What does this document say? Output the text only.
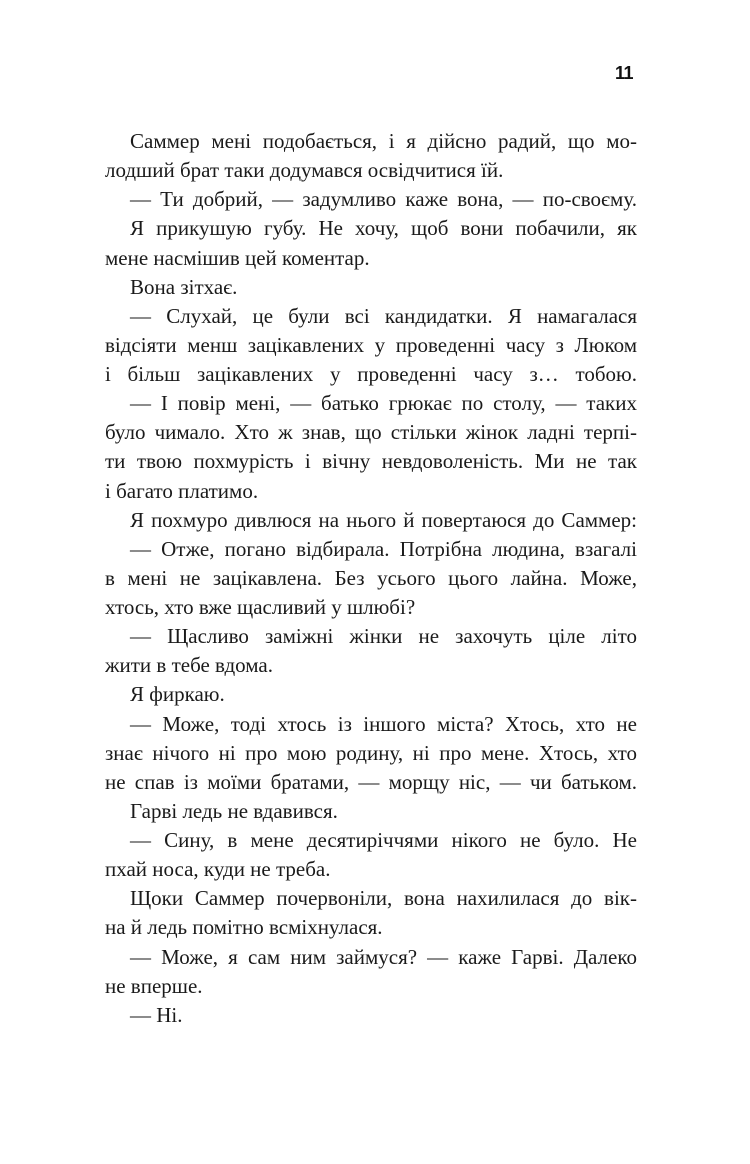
11
Саммер мені подобається, і я дійсно радий, що мо-
лодший брат таки додумався освідчитися їй.
— Ти добрий, — задумливо каже вона, — по-своєму.
Я прикушую губу. Не хочу, щоб вони побачили, як
мене насмішив цей коментар.
Вона зітхає.
— Слухай, це були всі кандидатки. Я намагалася
відсіяти менш зацікавлених у проведенні часу з Люком
і більш зацікавлених у проведенні часу з… тобою.
— І повір мені, — батько грюкає по столу, — таких
було чимало. Хто ж знав, що стільки жінок ладні терпі-
ти твою похмурість і вічну невдоволеність. Ми не так
і багато платимо.
Я похмуро дивлюся на нього й повертаюся до Саммер:
— Отже, погано відбирала. Потрібна людина, взагалі
в мені не зацікавлена. Без усього цього лайна. Може,
хтось, хто вже щасливий у шлюбі?
— Щасливо заміжні жінки не захочуть ціле літо
жити в тебе вдома.
Я фиркаю.
— Може, тоді хтось із іншого міста? Хтось, хто не
знає нічого ні про мою родину, ні про мене. Хтось, хто
не спав із моїми братами, — морщу ніс, — чи батьком.
Гарві ледь не вдавився.
— Сину, в мене десятиріччями нікого не було. Не
пхай носа, куди не треба.
Щоки Саммер почервоніли, вона нахилилася до вік-
на й ледь помітно всміхнулася.
— Може, я сам ним займуся? — каже Гарві. Далеко
не вперше.
— Ні.
